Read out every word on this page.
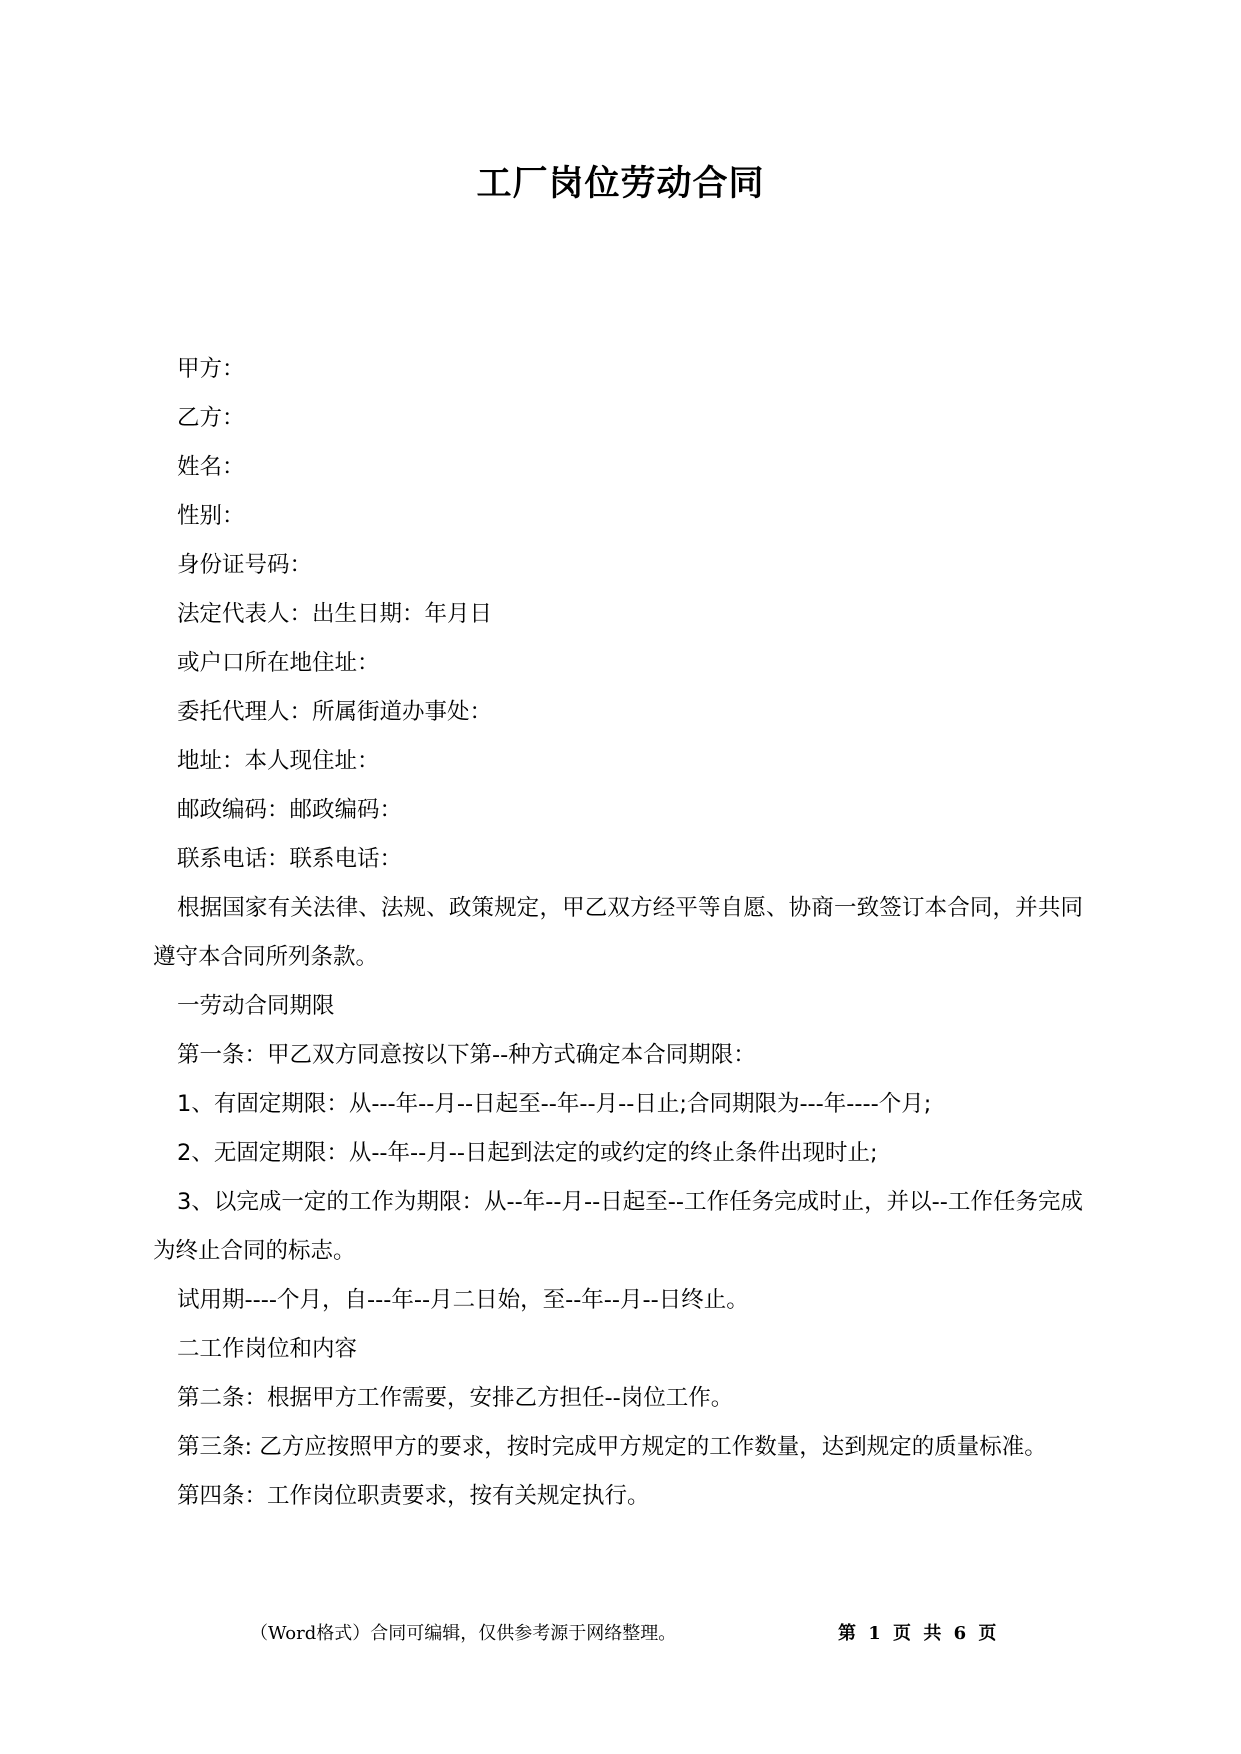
工厂岗位劳动合同

甲方：

乙方：

姓名：

性别：

身份证号码：

法定代表人：出生日期：年月日

或户口所在地住址：

委托代理人：所属街道办事处：

地址：本人现住址：

邮政编码：邮政编码：

联系电话：联系电话：

根据国家有关法律、法规、政策规定，甲乙双方经平等自愿、协商一致签订本合同，并共同遵守本合同所列条款。

一劳动合同期限

第一条：甲乙双方同意按以下第--种方式确定本合同期限：

1、有固定期限：从---年--月--日起至--年--月--日止;合同期限为---年----个月;

2、无固定期限：从--年--月--日起到法定的或约定的终止条件出现时止;

3、以完成一定的工作为期限：从--年--月--日起至--工作任务完成时止，并以--工作任务完成为终止合同的标志。

试用期----个月，自---年--月二日始，至--年--月--日终止。

二工作岗位和内容

第二条：根据甲方工作需要，安排乙方担任--岗位工作。

第三条: 乙方应按照甲方的要求，按时完成甲方规定的工作数量，达到规定的质量标准。

第四条：工作岗位职责要求，按有关规定执行。

（Word格式）合同可编辑，仅供参考源于网络整理。	第 1 页 共 6 页
